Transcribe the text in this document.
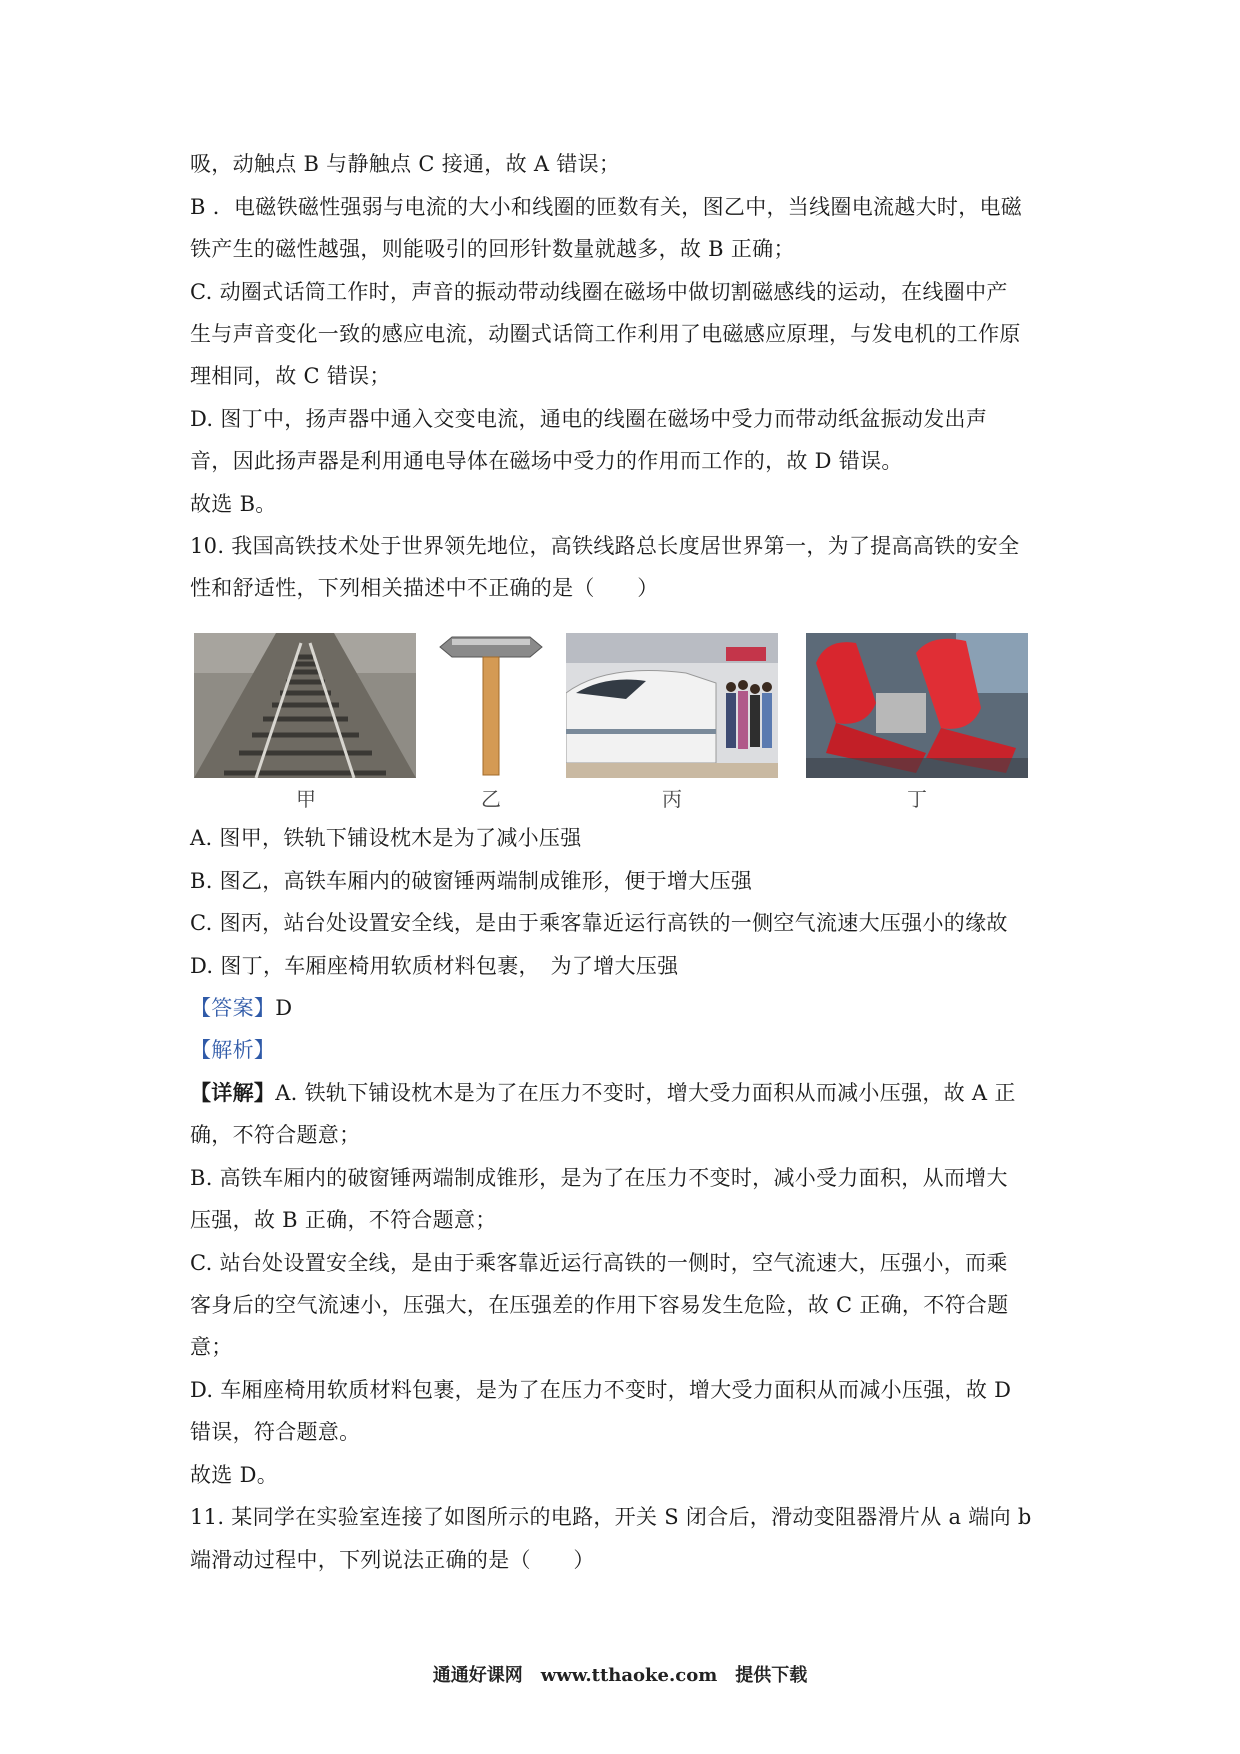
吸，动触点 B 与静触点 C 接通，故 A 错误；
B ．电磁铁磁性强弱与电流的大小和线圈的匝数有关，图乙中，当线圈电流越大时，电磁
铁产生的磁性越强，则能吸引的回形针数量就越多，故 B 正确；
C. 动圈式话筒工作时，声音的振动带动线圈在磁场中做切割磁感线的运动，在线圈中产
生与声音变化一致的感应电流，动圈式话筒工作利用了电磁感应原理，与发电机的工作原
理相同，故 C 错误；
D. 图丁中，扬声器中通入交变电流，通电的线圈在磁场中受力而带动纸盆振动发出声
音，因此扬声器是利用通电导体在磁场中受力的作用而工作的，故 D 错误。
故选 B。
10. 我国高铁技术处于世界领先地位，高铁线路总长度居世界第一，为了提高高铁的安全
性和舒适性，下列相关描述中不正确的是（　　）
甲	乙	丙	丁
A. 图甲，铁轨下铺设枕木是为了减小压强
B. 图乙，高铁车厢内的破窗锤两端制成锥形，便于增大压强
C. 图丙，站台处设置安全线，是由于乘客靠近运行高铁的一侧空气流速大压强小的缘故
D. 图丁，车厢座椅用软质材料包裹，　为了增大压强
【答案】D
【解析】
【详解】A. 铁轨下铺设枕木是为了在压力不变时，增大受力面积从而减小压强，故 A 正
确，不符合题意；
B. 高铁车厢内的破窗锤两端制成锥形，是为了在压力不变时，减小受力面积，从而增大
压强，故 B 正确，不符合题意；
C. 站台处设置安全线，是由于乘客靠近运行高铁的一侧时，空气流速大，压强小，而乘
客身后的空气流速小，压强大，在压强差的作用下容易发生危险，故 C 正确，不符合题
意；
D. 车厢座椅用软质材料包裹，是为了在压力不变时，增大受力面积从而减小压强，故 D
错误，符合题意。
故选 D。
11. 某同学在实验室连接了如图所示的电路，开关 S 闭合后，滑动变阻器滑片从 a 端向 b
端滑动过程中，下列说法正确的是（　　）
通通好课网　www.tthaoke.com　提供下载
